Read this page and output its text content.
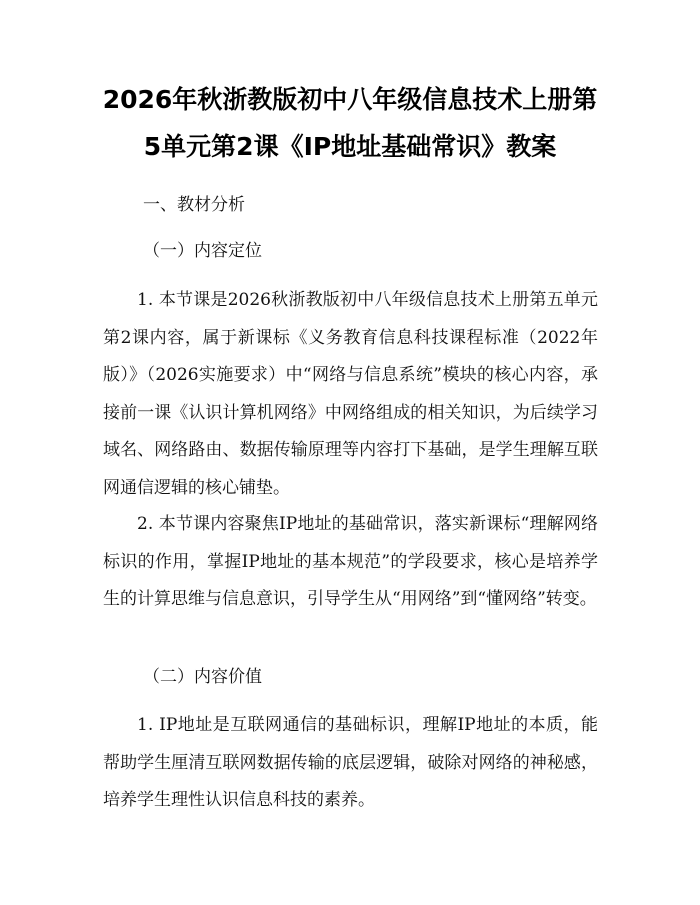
2026年秋浙教版初中八年级信息技术上册第
5单元第2课《IP地址基础常识》教案
一、教材分析
（一）内容定位

1. 本节课是2026秋浙教版初中八年级信息技术上册第五单元第2课内容，属于新课标《义务教育信息科技课程标准（2022年版）》（2026实施要求）中“网络与信息系统”模块的核心内容，承接前一课《认识计算机网络》中网络组成的相关知识，为后续学习域名、网络路由、数据传输原理等内容打下基础，是学生理解互联网通信逻辑的核心铺垫。

2. 本节课内容聚焦IP地址的基础常识，落实新课标“理解网络标识的作用，掌握IP地址的基本规范”的学段要求，核心是培养学生的计算思维与信息意识，引导学生从“用网络”到“懂网络”转变。

（二）内容价值

1. IP地址是互联网通信的基础标识，理解IP地址的本质，能帮助学生厘清互联网数据传输的底层逻辑，破除对网络的神秘感，培养学生理性认识信息科技的素养。
